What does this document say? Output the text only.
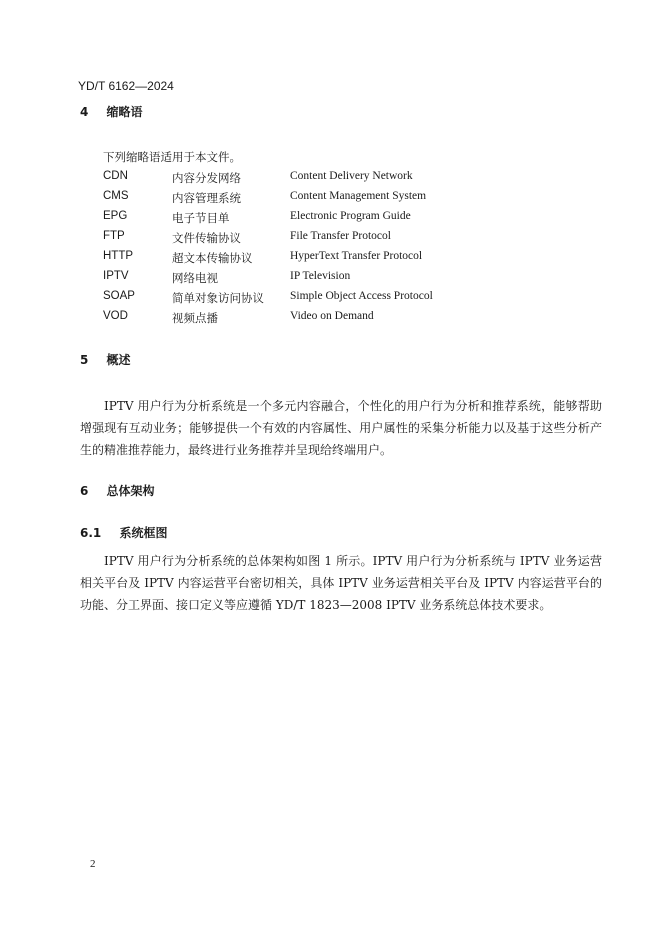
YD/T 6162—2024
4 缩略语
下列缩略语适用于本文件。
CDN	内容分发网络	Content Delivery Network
CMS	内容管理系统	Content Management System
EPG	电子节目单	Electronic Program Guide
FTP	文件传输协议	File Transfer Protocol
HTTP	超文本传输协议	HyperText Transfer Protocol
IPTV	网络电视	IP Television
SOAP	简单对象访问协议 Simple Object Access Protocol
VOD	视频点播	Video on Demand
5 概述
IPTV 用户行为分析系统是一个多元内容融合，个性化的用户行为分析和推荐系统，能够帮助增强现有互动业务；能够提供一个有效的内容属性、用户属性的采集分析能力以及基于这些分析产生的精准推荐能力，最终进行业务推荐并呈现给终端用户。
6 总体架构
6.1 系统框图
IPTV 用户行为分析系统的总体架构如图 1 所示。IPTV 用户行为分析系统与 IPTV 业务运营相关平台及 IPTV 内容运营平台密切相关，具体 IPTV 业务运营相关平台及 IPTV 内容运营平台的功能、分工界面、接口定义等应遵循 YD/T 1823—2008 IPTV 业务系统总体技术要求。
2
